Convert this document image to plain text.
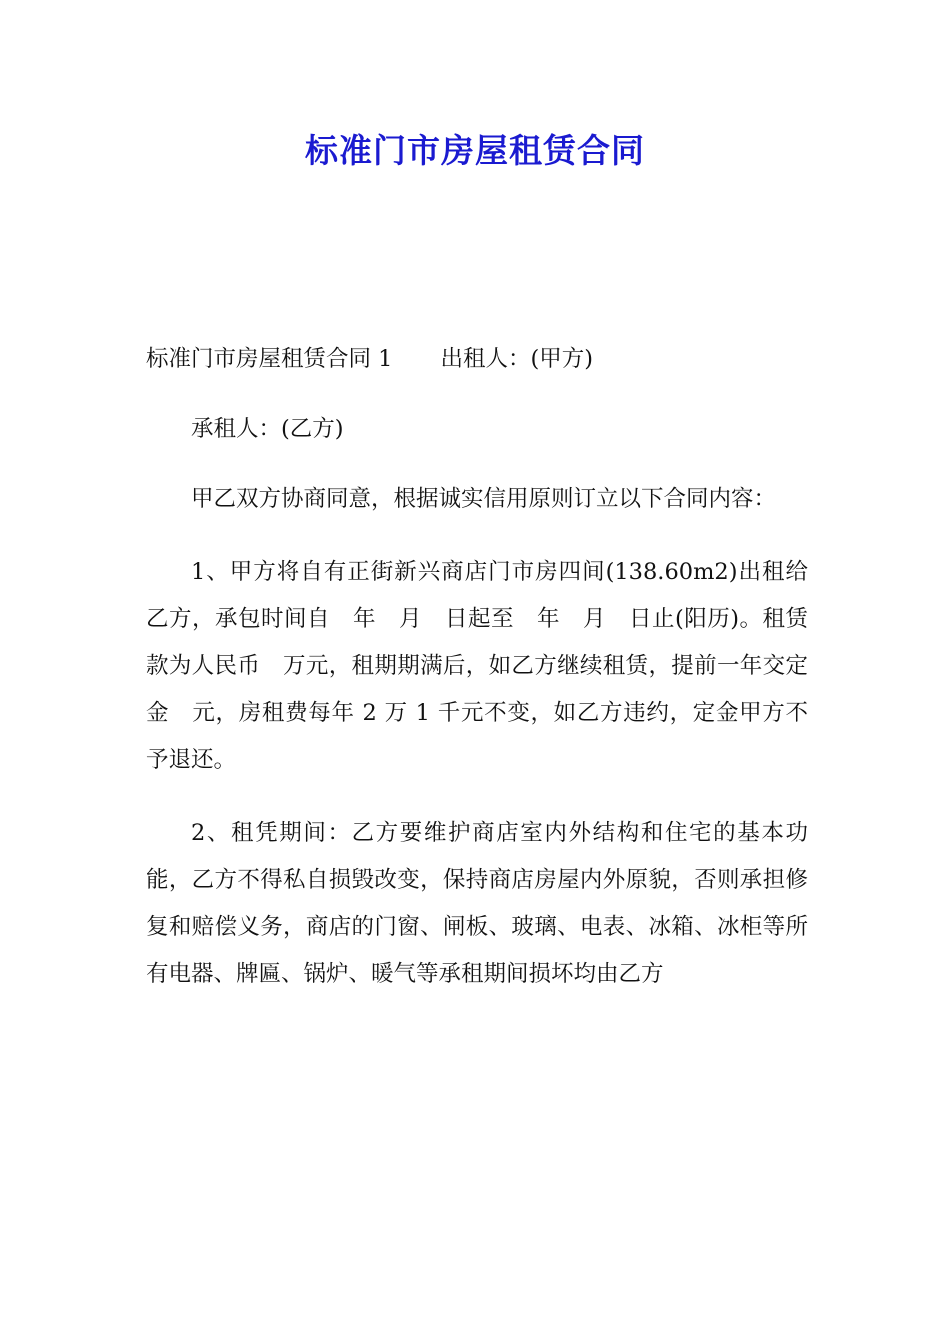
标准门市房屋租赁合同

标准门市房屋租赁合同 1 出租人：(甲方)

承租人：(乙方)

甲乙双方协商同意，根据诚实信用原则订立以下合同内容：

1、甲方将自有正街新兴商店门市房四间(138.60m2)出租给乙方，承包时间自　年　月　日起至　年　月　日止(阳历)。租赁款为人民币　万元，租期期满后，如乙方继续租赁，提前一年交定金　元，房租费每年 2 万 1 千元不变，如乙方违约，定金甲方不予退还。

2、租凭期间：乙方要维护商店室内外结构和住宅的基本功能，乙方不得私自损毁改变，保持商店房屋内外原貌，否则承担修复和赔偿义务，商店的门窗、闸板、玻璃、电表、冰箱、冰柜等所有电器、牌匾、锅炉、暖气等承租期间损坏均由乙方
